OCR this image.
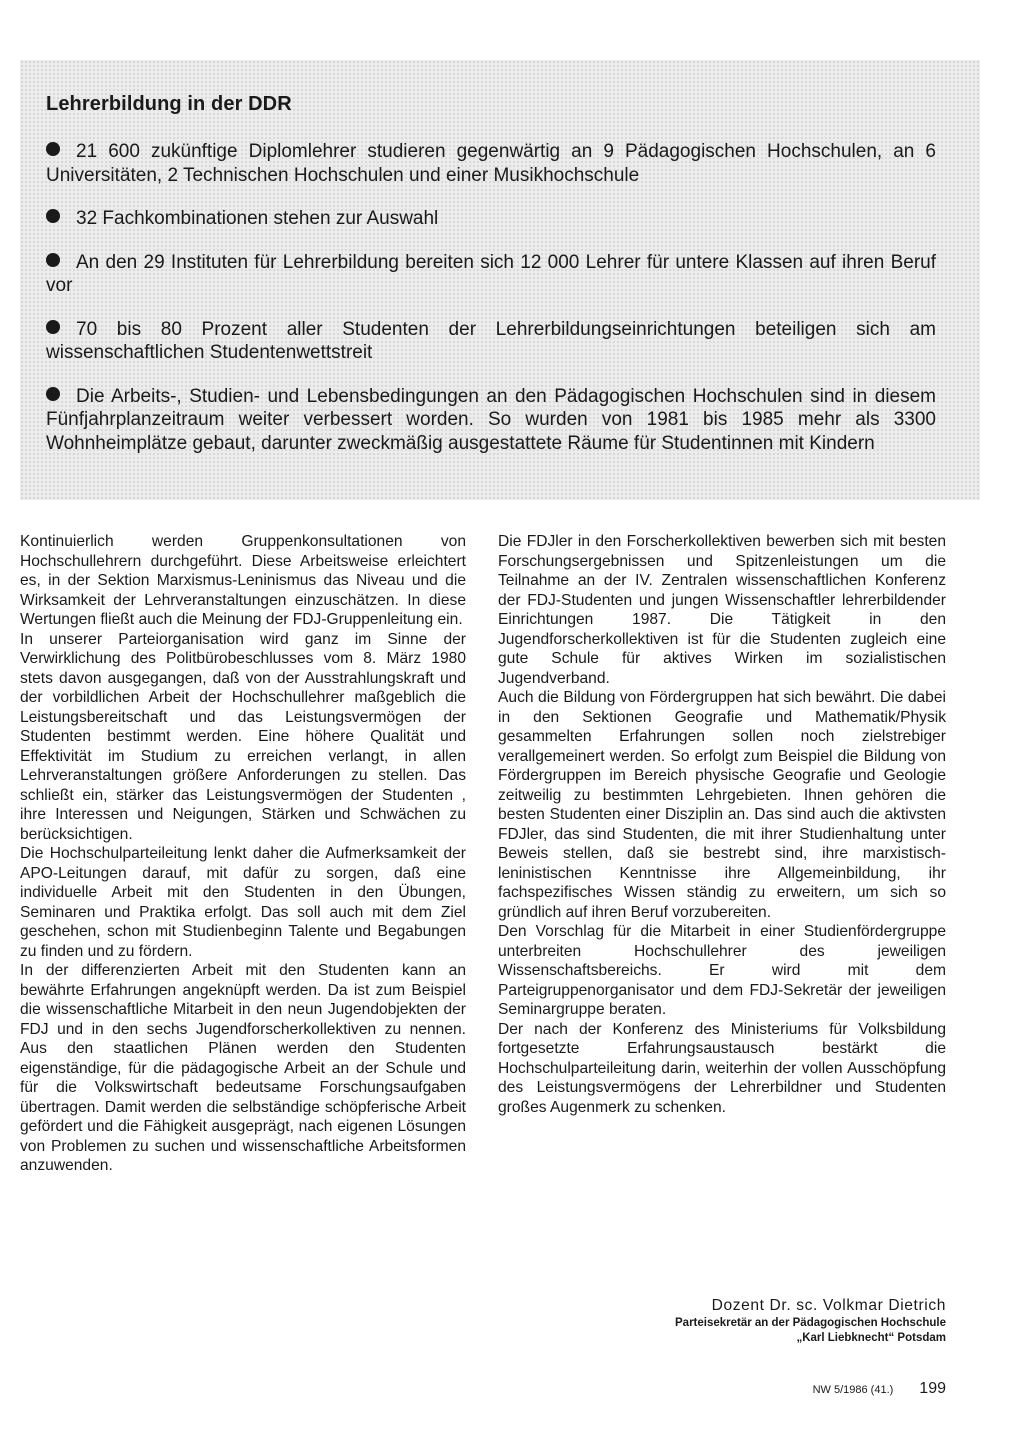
Lehrerbildung in der DDR
21 600 zukünftige Diplomlehrer studieren gegenwärtig an 9 Pädagogischen Hochschulen, an 6 Universitäten, 2 Technischen Hochschulen und einer Musikhochschule
32 Fachkombinationen stehen zur Auswahl
An den 29 Instituten für Lehrerbildung bereiten sich 12 000 Lehrer für untere Klassen auf ihren Beruf vor
70 bis 80 Prozent aller Studenten der Lehrerbildungseinrichtungen beteiligen sich am wissenschaftlichen Studentenwettstreit
Die Arbeits-, Studien- und Lebensbedingungen an den Pädagogischen Hochschulen sind in diesem Fünfjahrplanzeitraum weiter verbessert worden. So wurden von 1981 bis 1985 mehr als 3300 Wohnheimplätze gebaut, darunter zweckmäßig ausgestattete Räume für Studentinnen mit Kindern

Kontinuierlich werden Gruppenkonsultationen von Hochschullehrern durchgeführt. Diese Arbeitsweise erleichtert es, in der Sektion Marxismus-Leninismus das Niveau und die Wirksamkeit der Lehrveranstaltungen einzuschätzen. In diese Wertungen fließt auch die Meinung der FDJ-Gruppenleitung ein.

In unserer Parteiorganisation wird ganz im Sinne der Verwirklichung des Politbürobeschlusses vom 8. März 1980 stets davon ausgegangen, daß von der Ausstrahlungskraft und der vorbildlichen Arbeit der Hochschullehrer maßgeblich die Leistungsbereitschaft und das Leistungsvermögen der Studenten bestimmt werden. Eine höhere Qualität und Effektivität im Studium zu erreichen verlangt, in allen Lehrveranstaltungen größere Anforderungen zu stellen. Das schließt ein, stärker das Leistungsvermögen der Studenten , ihre Interessen und Neigungen, Stärken und Schwächen zu berücksichtigen.

Die Hochschulparteileitung lenkt daher die Aufmerksamkeit der APO-Leitungen darauf, mit dafür zu sorgen, daß eine individuelle Arbeit mit den Studenten in den Übungen, Seminaren und Praktika erfolgt. Das soll auch mit dem Ziel geschehen, schon mit Studienbeginn Talente und Begabungen zu finden und zu fördern.

In der differenzierten Arbeit mit den Studenten kann an bewährte Erfahrungen angeknüpft werden. Da ist zum Beispiel die wissenschaftliche Mitarbeit in den neun Jugendobjekten der FDJ und in den sechs Jugendforscherkollektiven zu nennen. Aus den staatlichen Plänen werden den Studenten eigenständige, für die pädagogische Arbeit an der Schule und für die Volkswirtschaft bedeutsame Forschungsaufgaben übertragen. Damit werden die selbständige schöpferische Arbeit gefördert und die Fähigkeit ausgeprägt, nach eigenen Lösungen von Problemen zu suchen und wissenschaftliche Arbeitsformen anzuwenden.

Die FDJler in den Forscherkollektiven bewerben sich mit besten Forschungsergebnissen und Spitzenleistungen um die Teilnahme an der IV. Zentralen wissenschaftlichen Konferenz der FDJ-Studenten und jungen Wissenschaftler lehrerbildender Einrichtungen 1987. Die Tätigkeit in den Jugendforscherkollektiven ist für die Studenten zugleich eine gute Schule für aktives Wirken im sozialistischen Jugendverband.

Auch die Bildung von Fördergruppen hat sich bewährt. Die dabei in den Sektionen Geografie und Mathematik/Physik gesammelten Erfahrungen sollen noch zielstrebiger verallgemeinert werden. So erfolgt zum Beispiel die Bildung von Fördergruppen im Bereich physische Geografie und Geologie zeitweilig zu bestimmten Lehrgebieten. Ihnen gehören die besten Studenten einer Disziplin an. Das sind auch die aktivsten FDJler, das sind Studenten, die mit ihrer Studienhaltung unter Beweis stellen, daß sie bestrebt sind, ihre marxistisch-leninistischen Kenntnisse ihre Allgemeinbildung, ihr fachspezifisches Wissen ständig zu erweitern, um sich so gründlich auf ihren Beruf vorzubereiten.

Den Vorschlag für die Mitarbeit in einer Studienfördergruppe unterbreiten Hochschullehrer des jeweiligen Wissenschaftsbereichs. Er wird mit dem Parteigruppenorganisator und dem FDJ-Sekretär der jeweiligen Seminargruppe beraten.

Der nach der Konferenz des Ministeriums für Volksbildung fortgesetzte Erfahrungsaustausch bestärkt die Hochschulparteileitung darin, weiterhin der vollen Ausschöpfung des Leistungsvermögens der Lehrerbildner und Studenten großes Augenmerk zu schenken.

Dozent Dr. sc. Volkmar Dietrich
Parteisekretär an der Pädagogischen Hochschule
„Karl Liebknecht“ Potsdam
NW 5/1986 (41.) 199
